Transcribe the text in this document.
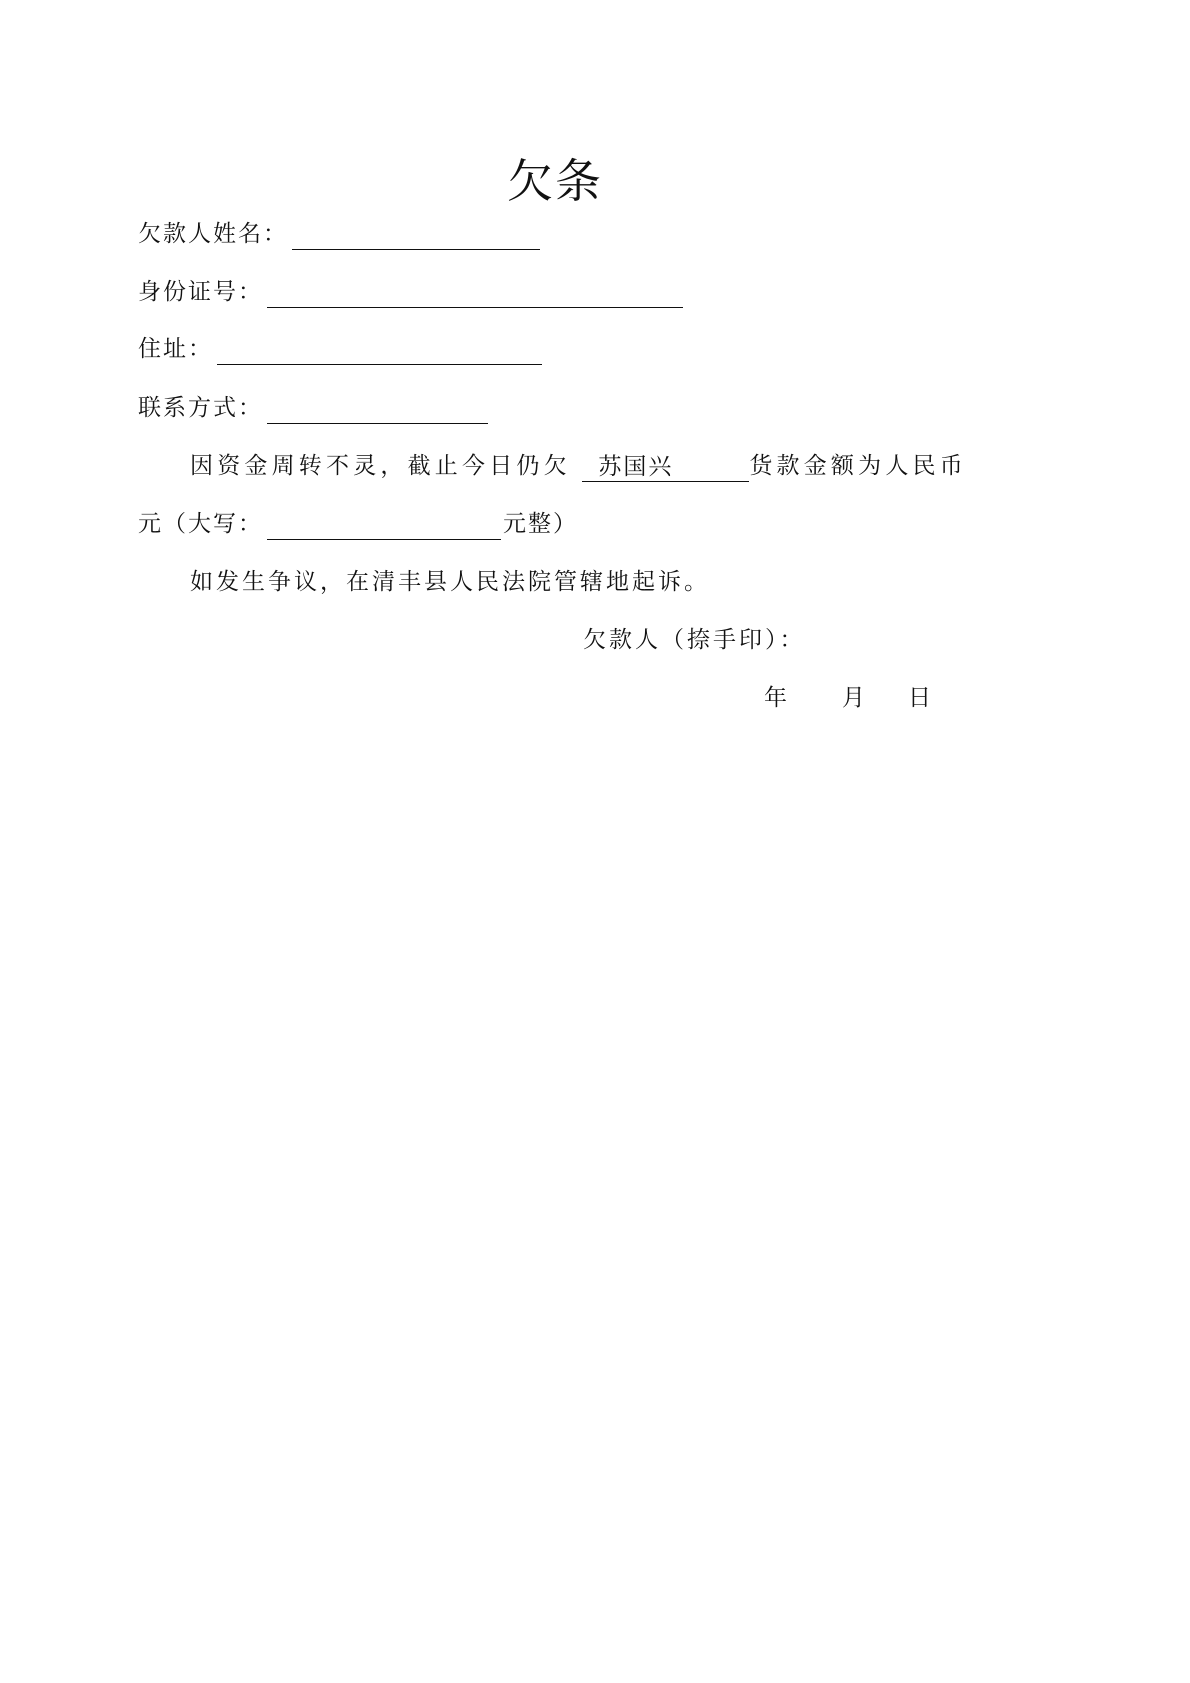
欠条
欠款人姓名：
身份证号：
住址：
联系方式：
因资金周转不灵，截止今日仍欠 苏国兴	货款金额为人民币
元（大写：	元整）
如发生争议，在清丰县人民法院管辖地起诉。
欠款人（捺手印）：
年 月 日
